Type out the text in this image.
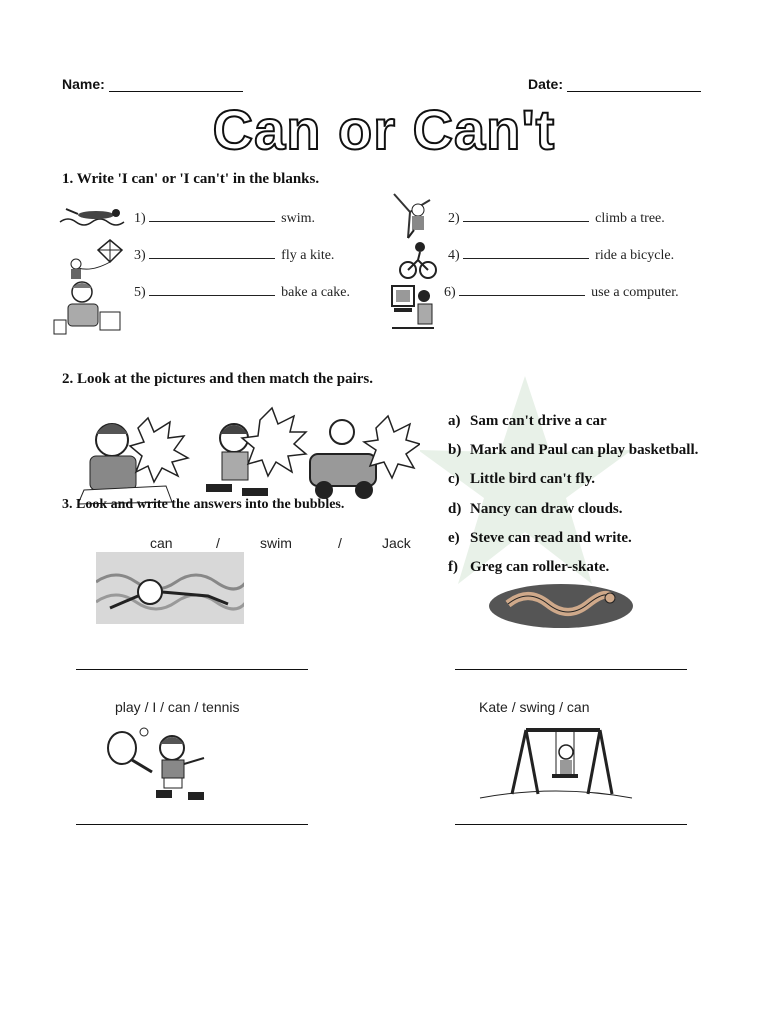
Name:	Date:
Can or Can't
1. Write 'I can' or 'I can't' in the blanks.
1)	swim.	2)	climb a tree.
3)	fly a kite.	4)	ride a bicycle.
5)	bake a cake.	6)	use a computer.
2. Look at the pictures and then match the pairs.
a) Sam can't drive a car
b) Mark and Paul can play basketball.
c) Little bird can't fly.
d) Nancy can draw clouds.
e) Steve can read and write.
f) Greg can roller-skate.
3. Look and write the answers into the bubbles.
can	/	swim	/	Jack
play / I / can / tennis	Kate / swing / can
